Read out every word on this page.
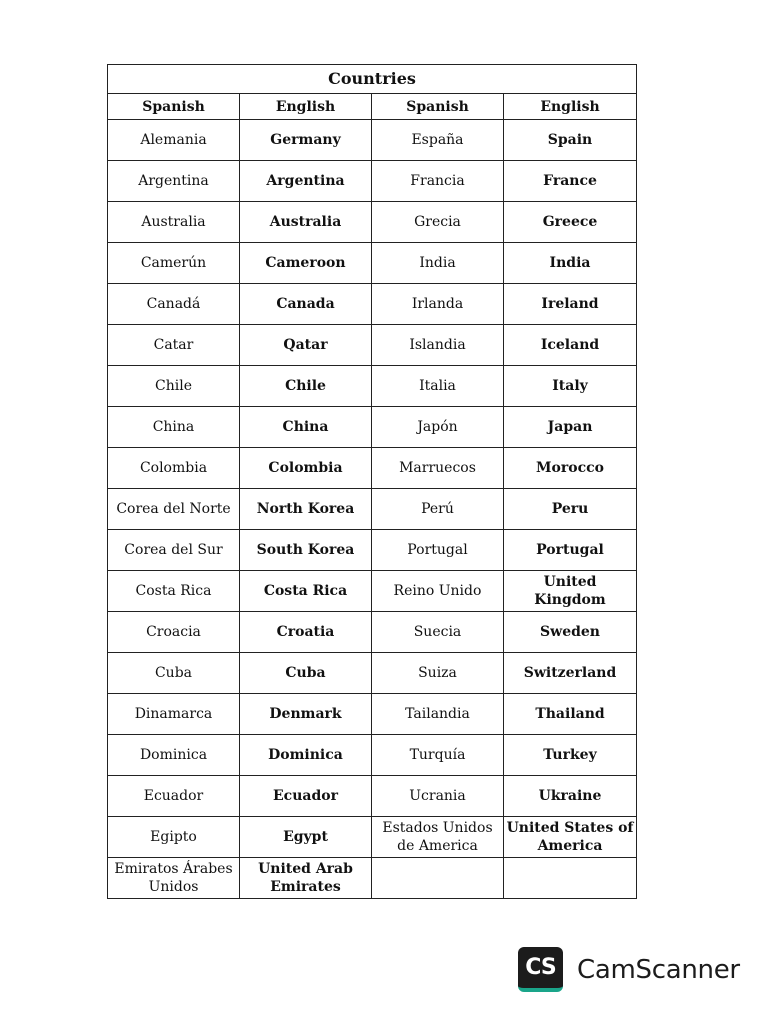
Countries			
Spanish	English	Spanish	English
Alemania	Germany	España	Spain
Argentina	Argentina	Francia	France
Australia	Australia	Grecia	Greece
Camerún	Cameroon	India	India
Canadá	Canada	Irlanda	Ireland
Catar	Qatar	Islandia	Iceland
Chile	Chile	Italia	Italy
China	China	Japón	Japan
Colombia	Colombia	Marruecos	Morocco
Corea del Norte	North Korea	Perú	Peru
Corea del Sur	South Korea	Portugal	Portugal
Costa Rica	Costa Rica	Reino Unido	United Kingdom
Croacia	Croatia	Suecia	Sweden
Cuba	Cuba	Suiza	Switzerland
Dinamarca	Denmark	Tailandia	Thailand
Dominica	Dominica	Turquía	Turkey
Ecuador	Ecuador	Ucrania	Ukraine
Egipto	Egypt	Estados Unidos de America	United States of America
Emiratos Árabes Unidos	United Arab Emirates		
CS CamScanner
